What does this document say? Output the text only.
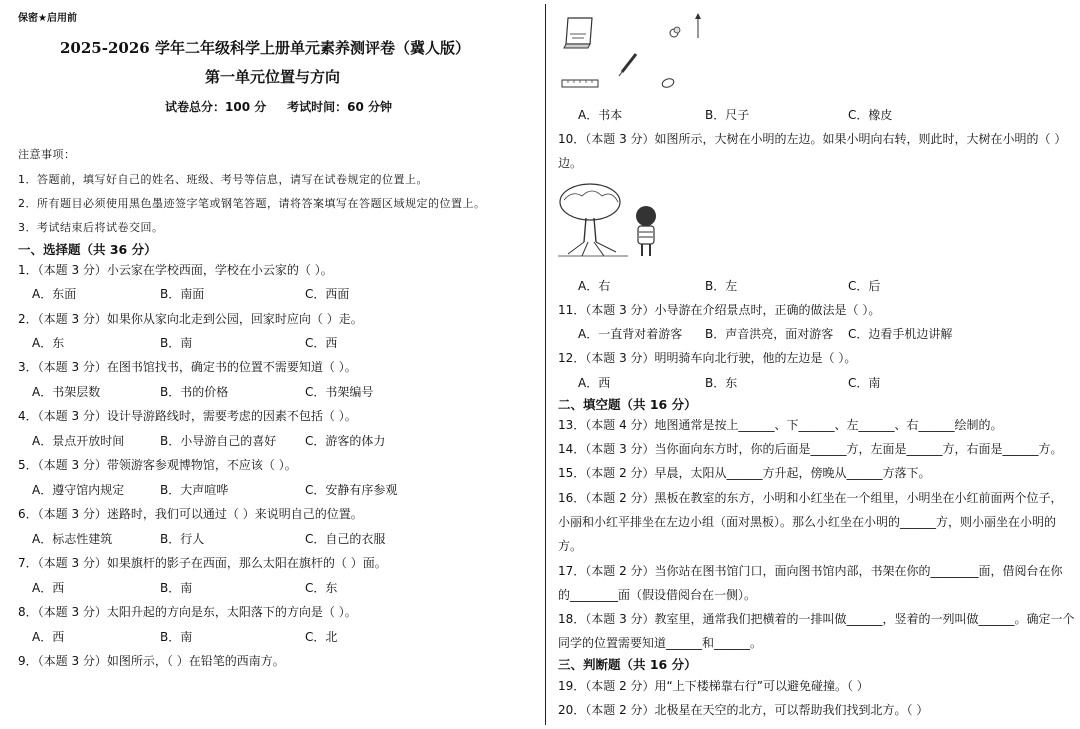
保密★启用前
2025-2026 学年二年级科学上册单元素养测评卷（冀人版）
第一单元位置与方向
试卷总分：100 分     考试时间：60 分钟
注意事项：
1．答题前，填写好自己的姓名、班级、考号等信息，请写在试卷规定的位置上。
2．所有题目必须使用黑色墨迹签字笔或钢笔答题，请将答案填写在答题区域规定的位置上。
3．考试结束后将试卷交回。
一、选择题（共 36 分）
1．（本题 3 分）小云家在学校西面，学校在小云家的（ ）。
A．东面	B．南面	C．西面
2．（本题 3 分）如果你从家向北走到公园，回家时应向（ ）走。
A．东	B．南	C．西
3．（本题 3 分）在图书馆找书，确定书的位置不需要知道（ ）。
A．书架层数	B．书的价格	C．书架编号
4．（本题 3 分）设计导游路线时，需要考虑的因素不包括（ ）。
A．景点开放时间	B．小导游自己的喜好 C．游客的体力
5．（本题 3 分）带领游客参观博物馆，不应该（ ）。
A．遵守馆内规定	B．大声喧哗	C．安静有序参观
6．（本题 3 分）迷路时，我们可以通过（ ）来说明自己的位置。
A．标志性建筑	B．行人	C．自己的衣服
7．（本题 3 分）如果旗杆的影子在西面，那么太阳在旗杆的（ ）面。
A．西	B．南	C．东
8．（本题 3 分）太阳升起的方向是东，太阳落下的方向是（ ）。
A．西	B．南	C．北
9．（本题 3 分）如图所示，（ ）在铅笔的西南方。
A．书本	B．尺子	C．橡皮
10．（本题 3 分）如图所示，大树在小明的左边。如果小明向右转，则此时，大树在小明的（ ）
边。
A．右	B．左	C．后
11．（本题 3 分）小导游在介绍景点时，正确的做法是（ ）。
A．一直背对着游客 B．声音洪亮，面对游客 C．边看手机边讲解
12．（本题 3 分）明明骑车向北行驶，他的左边是（ ）。
A．西	B．东	C．南
二、填空题（共 16 分）
13．（本题 4 分）地图通常是按上______、下______、左______、右______绘制的。
14．（本题 3 分）当你面向东方时，你的后面是______方，左面是______方，右面是______方。
15．（本题 2 分）早晨，太阳从______方升起，傍晚从______方落下。
16．（本题 2 分）黑板在教室的东方，小明和小红坐在一个组里，小明坐在小红前面两个位子，
小丽和小红平排坐在左边小组（面对黑板）。那么小红坐在小明的______方，则小丽坐在小明的
方。
17．（本题 2 分）当你站在图书馆门口，面向图书馆内部，书架在你的________面，借阅台在你
的________面（假设借阅台在一侧）。
18．（本题 3 分）教室里，通常我们把横着的一排叫做______，竖着的一列叫做______。确定一个
同学的位置需要知道______和______。
三、判断题（共 16 分）
19．（本题 2 分）用“上下楼梯靠右行”可以避免碰撞。（ ）
20．（本题 2 分）北极星在天空的北方，可以帮助我们找到北方。（ ）
